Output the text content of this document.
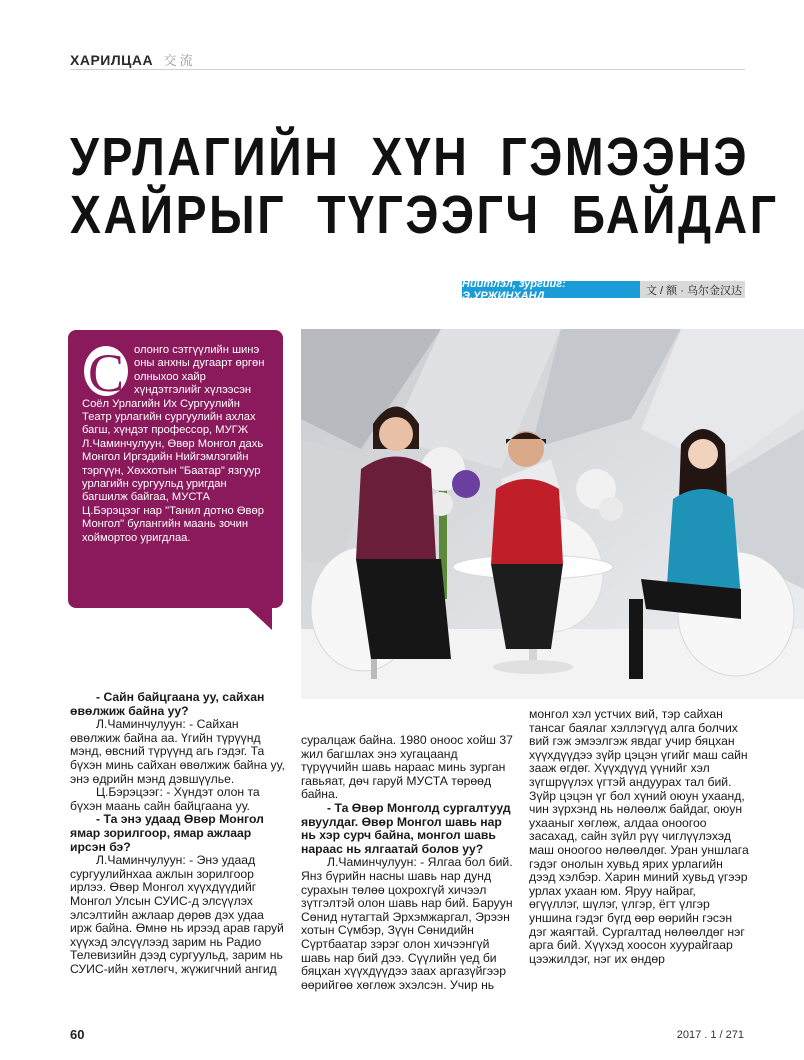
ХАРИЛЦАА 交流
УРЛАГИЙН ХҮН ГЭМЭЭНЭ
ХАЙРЫГ ТҮГЭЭГЧ БАЙДАГ
Нийтлэл, зургийг: Э.УРЖИНХАНД	文 / 额 · 乌尔金汉达
С олонго сэтгүүлийн шинэ оны анхны дугаарт өргөн олныхоо хайр хүндэтгэлийг хүлээсэн Соёл Урлагийн Их Сургуулийн Театр урлагийн сургуулийн ахлах багш, хүндэт профессор, МУГЖ Л.Чаминчулуун, Өвөр Монгол дахь Монгол Иргэдийн Нийгэмлэгийн тэргүүн, Хөххотын "Баатар" язгуур урлагийн сургуульд уригдан багшилж байгаа, МУСТА Ц.Бэрэцээг нар "Танил дотно Өвөр Монгол" булангийн маань зочин хоймортоо уригдлаа.

- Сайн байцгаана уу, сайхан өвөлжиж байна уу?

Л.Чаминчулуун: - Сайхан өвөлжиж байна аа. Үгийн түрүүнд мэнд, өвсний түрүүнд агь гэдэг. Та бүхэн минь сайхан өвөлжиж байна уу, энэ өдрийн мэнд дэвшүүлье.

Ц.Бэрэцээг: - Хүндэт олон та бүхэн маань сайн байцгаана уу.

- Та энэ удаад Өвөр Монгол ямар зорилгоор, ямар ажлаар ирсэн бэ?

Л.Чаминчулуун: - Энэ удаад сургуулийнхаа ажлын зорилгоор ирлээ. Өвөр Монгол хүүхдүүдийг Монгол Улсын СУИС-д элсүүлэх элсэлтийн ажлаар дөрөв дэх удаа ирж байна. Өмнө нь ирээд арав гаруй хүүхэд элсүүлээд зарим нь Радио Телевизийн дээд сургуульд, зарим нь СУИС-ийн хөтлөгч, жүжигчний ангид

суралцаж байна. 1980 оноос хойш 37 жил багшлах энэ хугацаанд түрүүчийн шавь нараас минь зурган гавьяат, дөч гаруй МУСТА төрөөд байна.

- Та Өвөр Монголд сургалтууд явуулдаг. Өвөр Монгол шавь нар нь хэр сурч байна, монгол шавь нараас нь ялгаатай болов уу?

Л.Чаминчулуун: - Ялгаа бол бий. Янз бүрийн насны шавь нар дунд сурахын төлөө цохрохгүй хичээл зүтгэлтэй олон шавь нар бий. Баруун Сөнид нутагтай Эрхэмжаргал, Эрээн хотын Сүмбэр, Зүүн Сөнидийн Сүртбаатар зэрэг олон хичээнгүй шавь нар бий дээ. Сүүлийн үед би бяцхан хүүхдүүдээ заах аргазүйгээр өөрийгөө хөглөж эхэлсэн. Учир нь

монгол хэл устчих вий, тэр сайхан тансаг баялаг хэллэгүүд алга болчих вий гэж эмээлгэж явдаг учир бяцхан хүүхдүүдээ зүйр цэцэн үгийг маш сайн зааж өгдөг. Хүүхдүүд үүнийг хэл зүгшрүүлэх үгтэй андуурах тал бий. Зүйр цэцэн үг бол хүний оюун ухаанд, чин зүрхэнд нь нөлөөлж байдаг, оюун ухааныг хөглөж, алдаа оноогоо засахад, сайн зүйл рүү чиглүүлэхэд маш оноогоо нөлөөлдөг. Уран уншлага гэдэг онолын хувьд ярих урлагийн дээд хэлбэр. Харин миний хувьд үгээр урлах ухаан юм. Яруу найраг, өгүүллэг, шүлэг, үлгэр, ёгт үлгэр уншина гэдэг бүгд өөр өөрийн гэсэн дэг жаягтай. Сургалтад нөлөөлдөг нэг арга бий. Хүүхэд хоосон хуурайгаар цээжилдэг, нэг их өндөр

60	2017 . 1 / 271
